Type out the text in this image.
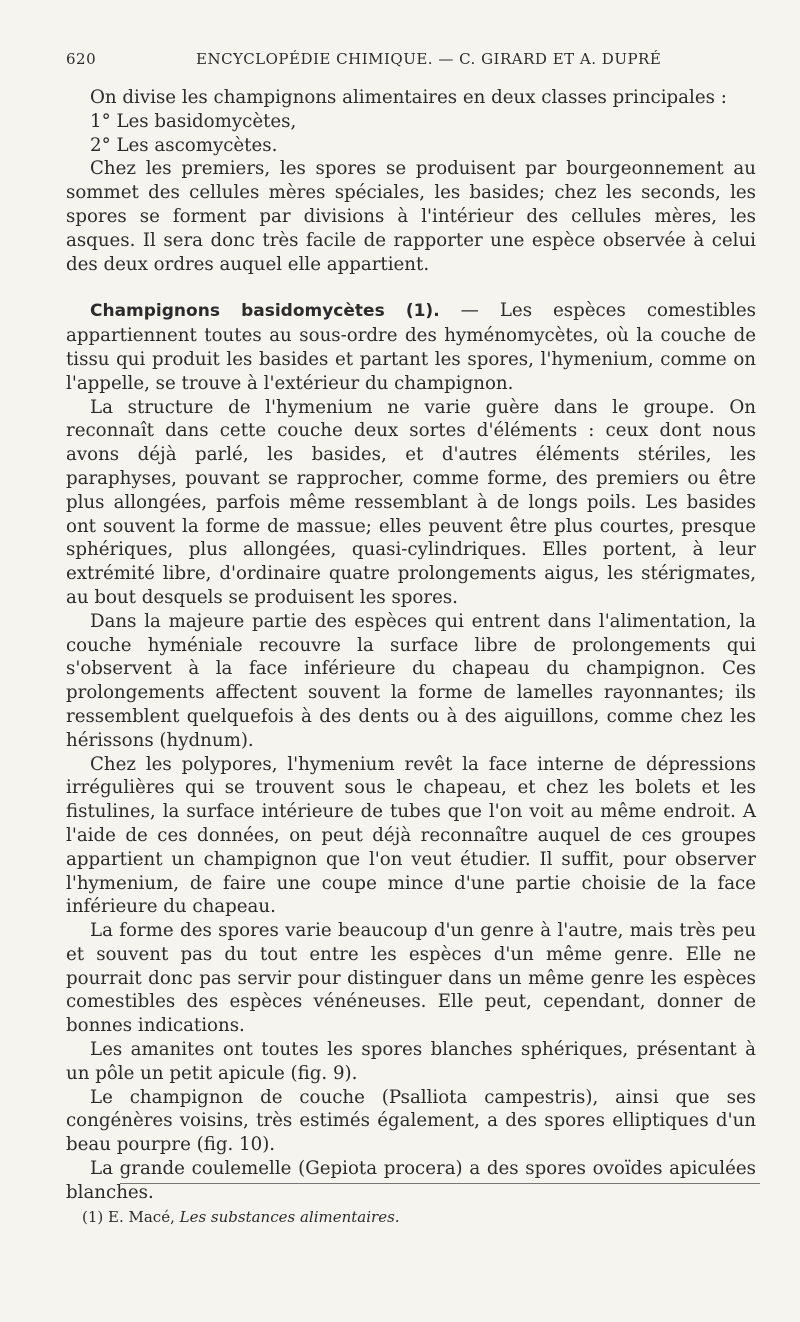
620	ENCYCLOPÉDIE CHIMIQUE. — C. GIRARD ET A. DUPRÉ

On divise les champignons alimentaires en deux classes principales :

1° Les basidomycètes,

2° Les ascomycètes.

Chez les premiers, les spores se produisent par bourgeonnement au sommet des cellules mères spéciales, les basides; chez les seconds, les spores se forment par divisions à l'intérieur des cellules mères, les asques. Il sera donc très facile de rapporter une espèce observée à celui des deux ordres auquel elle appartient.

Champignons basidomycètes (1). — Les espèces comestibles appartiennent toutes au sous-ordre des hyménomycètes, où la couche de tissu qui produit les basides et partant les spores, l'hymenium, comme on l'appelle, se trouve à l'extérieur du champignon.

La structure de l'hymenium ne varie guère dans le groupe. On reconnaît dans cette couche deux sortes d'éléments : ceux dont nous avons déjà parlé, les basides, et d'autres éléments stériles, les paraphyses, pouvant se rapprocher, comme forme, des premiers ou être plus allongées, parfois même ressemblant à de longs poils. Les basides ont souvent la forme de massue; elles peuvent être plus courtes, presque sphériques, plus allongées, quasi-cylindriques. Elles portent, à leur extrémité libre, d'ordinaire quatre prolongements aigus, les stérigmates, au bout desquels se produisent les spores.

Dans la majeure partie des espèces qui entrent dans l'alimentation, la couche hyméniale recouvre la surface libre de prolongements qui s'observent à la face inférieure du chapeau du champignon. Ces prolongements affectent souvent la forme de lamelles rayonnantes; ils ressemblent quelquefois à des dents ou à des aiguillons, comme chez les hérissons (hydnum).

Chez les polypores, l'hymenium revêt la face interne de dépressions irrégulières qui se trouvent sous le chapeau, et chez les bolets et les fistulines, la surface intérieure de tubes que l'on voit au même endroit. A l'aide de ces données, on peut déjà reconnaître auquel de ces groupes appartient un champignon que l'on veut étudier. Il suffit, pour observer l'hymenium, de faire une coupe mince d'une partie choisie de la face inférieure du chapeau.

La forme des spores varie beaucoup d'un genre à l'autre, mais très peu et souvent pas du tout entre les espèces d'un même genre. Elle ne pourrait donc pas servir pour distinguer dans un même genre les espèces comestibles des espèces vénéneuses. Elle peut, cependant, donner de bonnes indications.

Les amanites ont toutes les spores blanches sphériques, présentant à un pôle un petit apicule (fig. 9).

Le champignon de couche (Psalliota campestris), ainsi que ses congénères voisins, très estimés également, a des spores elliptiques d'un beau pourpre (fig. 10).

La grande coulemelle (Gepiota procera) a des spores ovoïdes apiculées blanches.

(1) E. Macé, Les substances alimentaires.
